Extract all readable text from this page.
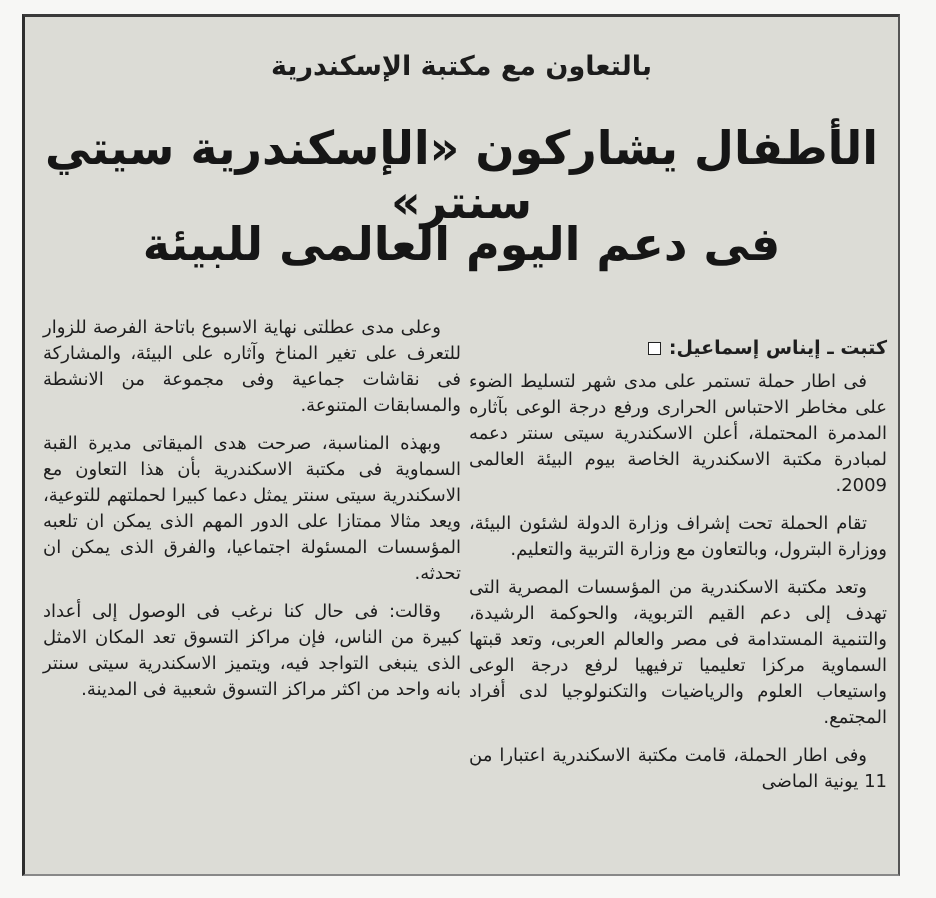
بالتعاون مع مكتبة الإسكندرية
الأطفال يشاركون «الإسكندرية سيتي سنتر»
فى دعم اليوم العالمى للبيئة
كتبت ـ إيناس إسماعيل:

فى اطار حملة تستمر على مدى شهر لتسليط الضوء على مخاطر الاحتباس الحرارى ورفع درجة الوعى بآثاره المدمرة المحتملة، أعلن الاسكندرية سيتى سنتر دعمه لمبادرة مكتبة الاسكندرية الخاصة بيوم البيئة العالمى 2009.

تقام الحملة تحت إشراف وزارة الدولة لشئون البيئة، ووزارة البترول، وبالتعاون مع وزارة التربية والتعليم.

وتعد مكتبة الاسكندرية من المؤسسات المصرية التى تهدف إلى دعم القيم التربوية، والحوكمة الرشيدة، والتنمية المستدامة فى مصر والعالم العربى، وتعد قبتها السماوية مركزا تعليميا ترفيهيا لرفع درجة الوعى واستيعاب العلوم والرياضيات والتكنولوجيا لدى أفراد المجتمع.

وفى اطار الحملة، قامت مكتبة الاسكندرية اعتبارا من 11 يونية الماضى

وعلى مدى عطلتى نهاية الاسبوع باتاحة الفرصة للزوار للتعرف على تغير المناخ وآثاره على البيئة، والمشاركة فى نقاشات جماعية وفى مجموعة من الانشطة والمسابقات المتنوعة.

وبهذه المناسبة، صرحت هدى الميقاتى مديرة القبة السماوية فى مكتبة الاسكندرية بأن هذا التعاون مع الاسكندرية سيتى سنتر يمثل دعما كبيرا لحملتهم للتوعية، ويعد مثالا ممتازا على الدور المهم الذى يمكن ان تلعبه المؤسسات المسئولة اجتماعيا، والفرق الذى يمكن ان تحدثه.

وقالت: فى حال كنا نرغب فى الوصول إلى أعداد كبيرة من الناس، فإن مراكز التسوق تعد المكان الامثل الذى ينبغى التواجد فيه، ويتميز الاسكندرية سيتى سنتر بانه واحد من اكثر مراكز التسوق شعبية فى المدينة.
